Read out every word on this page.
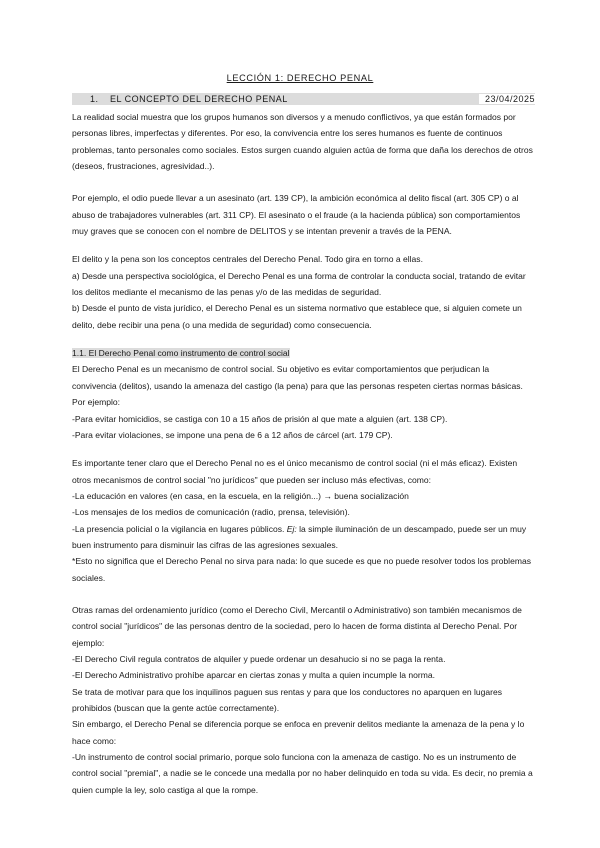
LECCIÓN 1: DERECHO PENAL
1. EL CONCEPTO DEL DERECHO PENAL	23/04/2025

La realidad social muestra que los grupos humanos son diversos y a menudo conflictivos, ya que están formados por personas libres, imperfectas y diferentes. Por eso, la convivencia entre los seres humanos es fuente de continuos problemas, tanto personales como sociales. Estos surgen cuando alguien actúa de forma que daña los derechos de otros (deseos, frustraciones, agresividad..).

Por ejemplo, el odio puede llevar a un asesinato (art. 139 CP), la ambición económica al delito fiscal (art. 305 CP) o al abuso de trabajadores vulnerables (art. 311 CP). El asesinato o el fraude (a la hacienda pública) son comportamientos muy graves que se conocen con el nombre de DELITOS y se intentan prevenir a través de la PENA.

El delito y la pena son los conceptos centrales del Derecho Penal. Todo gira en torno a ellas.

a) Desde una perspectiva sociológica, el Derecho Penal es una forma de controlar la conducta social, tratando de evitar los delitos mediante el mecanismo de las penas y/o de las medidas de seguridad.

b) Desde el punto de vista jurídico, el Derecho Penal es un sistema normativo que establece que, si alguien comete un delito, debe recibir una pena (o una medida de seguridad) como consecuencia.

1.1. El Derecho Penal como instrumento de control social

El Derecho Penal es un mecanismo de control social. Su objetivo es evitar comportamientos que perjudican la convivencia (delitos), usando la amenaza del castigo (la pena) para que las personas respeten ciertas normas básicas. Por ejemplo:

-Para evitar homicidios, se castiga con 10 a 15 años de prisión al que mate a alguien (art. 138 CP).

-Para evitar violaciones, se impone una pena de 6 a 12 años de cárcel (art. 179 CP).

Es importante tener claro que el Derecho Penal no es el único mecanismo de control social (ni el más eficaz). Existen otros mecanismos de control social "no jurídicos" que pueden ser incluso más efectivas, como:

-La educación en valores (en casa, en la escuela, en la religión...) → buena socialización

-Los mensajes de los medios de comunicación (radio, prensa, televisión).

-La presencia policial o la vigilancia en lugares públicos. Ej: la simple iluminación de un descampado, puede ser un muy buen instrumento para disminuir las cifras de las agresiones sexuales.

*Esto no significa que el Derecho Penal no sirva para nada: lo que sucede es que no puede resolver todos los problemas sociales.

Otras ramas del ordenamiento jurídico (como el Derecho Civil, Mercantil o Administrativo) son también mecanismos de control social "jurídicos" de las personas dentro de la sociedad, pero lo hacen de forma distinta al Derecho Penal. Por ejemplo:

-El Derecho Civil regula contratos de alquiler y puede ordenar un desahucio si no se paga la renta.

-El Derecho Administrativo prohíbe aparcar en ciertas zonas y multa a quien incumple la norma.

Se trata de motivar para que los inquilinos paguen sus rentas y para que los conductores no aparquen en lugares prohibidos (buscan que la gente actúe correctamente).

Sin embargo, el Derecho Penal se diferencia porque se enfoca en prevenir delitos mediante la amenaza de la pena y lo hace como:

-Un instrumento de control social primario, porque solo funciona con la amenaza de castigo. No es un instrumento de control social "premial", a nadie se le concede una medalla por no haber delinquido en toda su vida. Es decir, no premia a quien cumple la ley, solo castiga al que la rompe.
